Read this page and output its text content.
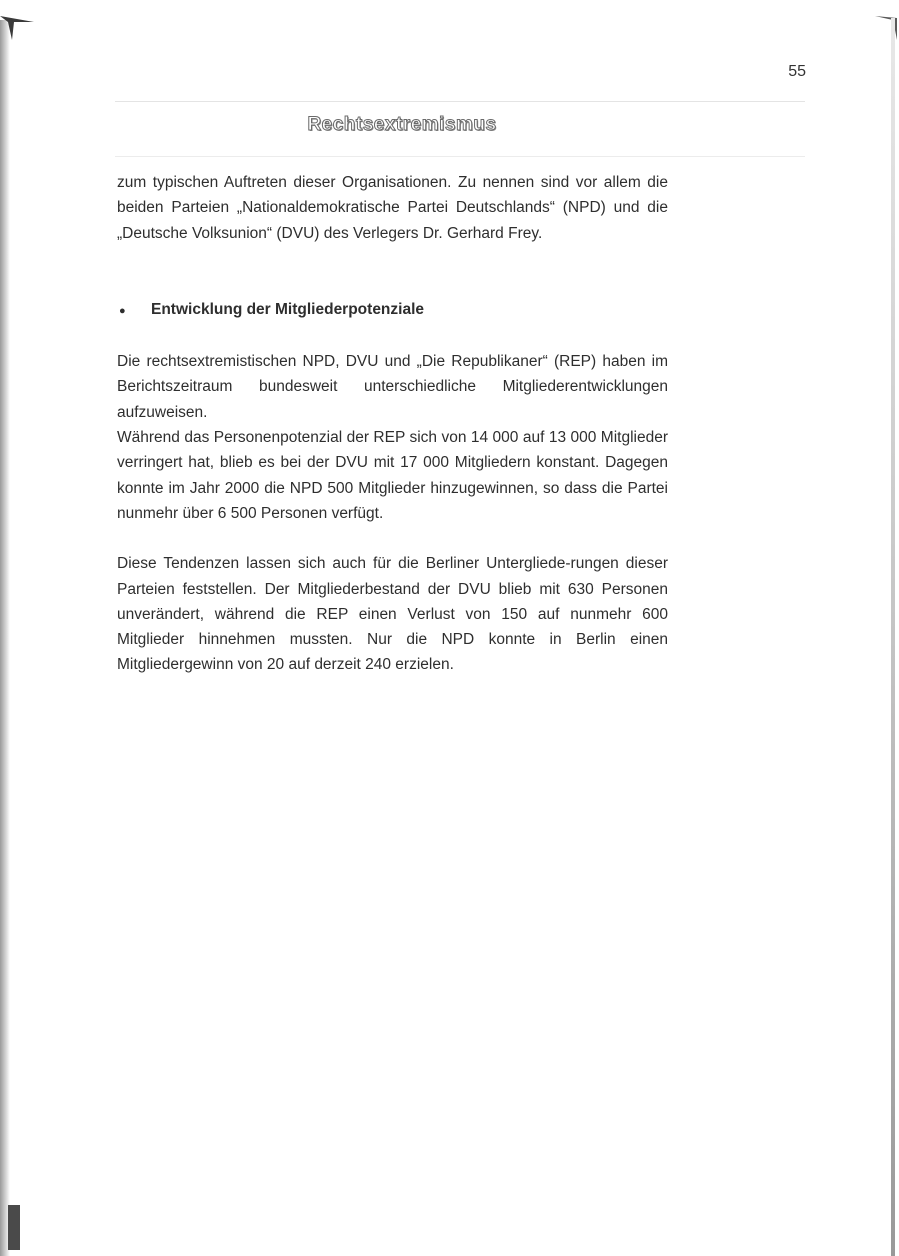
55
Rechtsextremismus

zum typischen Auftreten dieser Organisationen. Zu nennen sind vor allem die beiden Parteien „Nationaldemokratische Partei Deutschlands“ (NPD) und die „Deutsche Volksunion“ (DVU) des Verlegers Dr. Gerhard Frey.

●	Entwicklung der Mitgliederpotenziale

Die rechtsextremistischen NPD, DVU und „Die Republikaner“ (REP) haben im Berichtszeitraum bundesweit unterschiedliche Mitgliederentwicklungen aufzuweisen.

Während das Personenpotenzial der REP sich von 14 000 auf 13 000 Mitglieder verringert hat, blieb es bei der DVU mit 17 000 Mitgliedern konstant. Dagegen konnte im Jahr 2000 die NPD 500 Mitglieder hinzugewinnen, so dass die Partei nunmehr über 6 500 Personen verfügt.

Diese Tendenzen lassen sich auch für die Berliner Untergliede-rungen dieser Parteien feststellen. Der Mitgliederbestand der DVU blieb mit 630 Personen unverändert, während die REP einen Verlust von 150 auf nunmehr 600 Mitglieder hinnehmen mussten. Nur die NPD konnte in Berlin einen Mitgliedergewinn von 20 auf derzeit 240 erzielen.
